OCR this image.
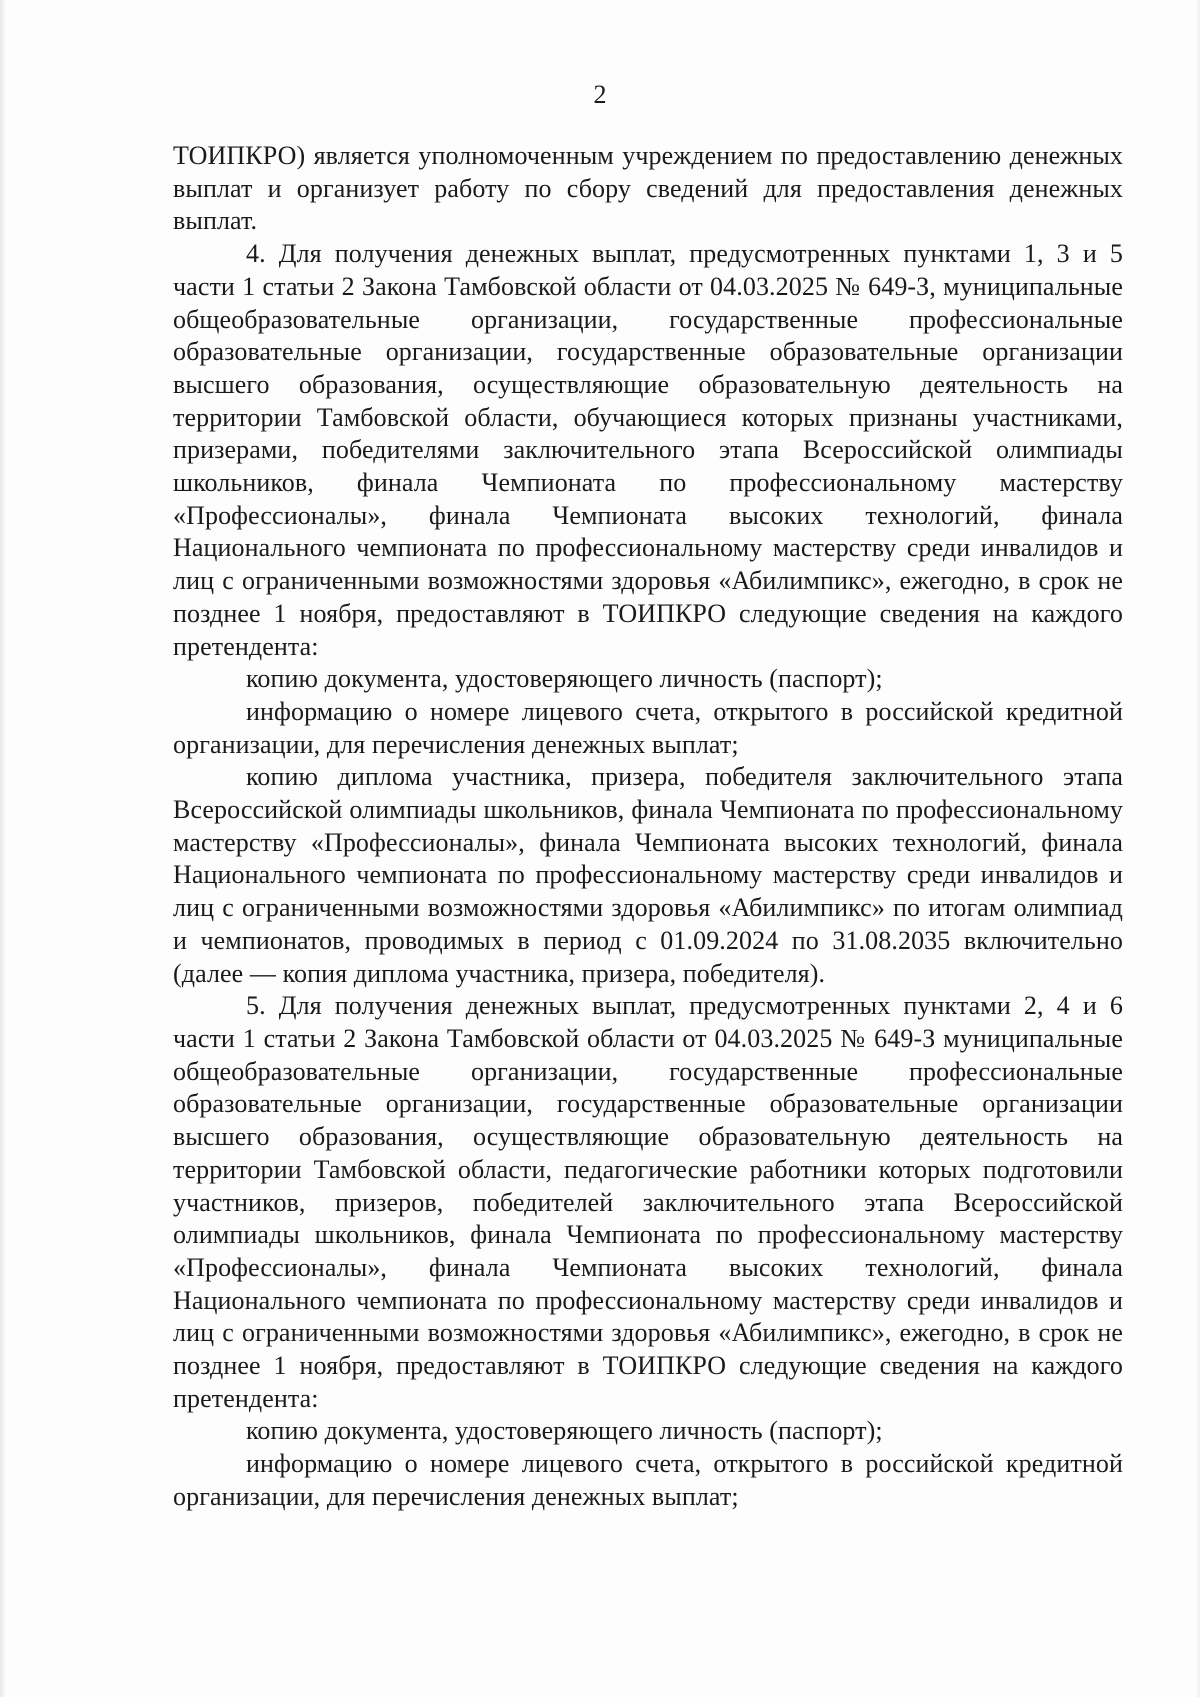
2

ТОИПКРО) является уполномоченным учреждением по предоставлению денежных выплат и организует работу по сбору сведений для предоставления денежных выплат.

4. Для получения денежных выплат, предусмотренных пунктами 1, 3 и 5 части 1 статьи 2 Закона Тамбовской области от 04.03.2025 № 649-З, муниципальные общеобразовательные организации, государственные профессиональные образовательные организации, государственные образовательные организации высшего образования, осуществляющие образовательную деятельность на территории Тамбовской области, обучающиеся которых признаны участниками, призерами, победителями заключительного этапа Всероссийской олимпиады школьников, финала Чемпионата по профессиональному мастерству «Профессионалы», финала Чемпионата высоких технологий, финала Национального чемпионата по профессиональному мастерству среди инвалидов и лиц с ограниченными возможностями здоровья «Абилимпикс», ежегодно, в срок не позднее 1 ноября, предоставляют в ТОИПКРО следующие сведения на каждого претендента:

копию документа, удостоверяющего личность (паспорт);

информацию о номере лицевого счета, открытого в российской кредитной организации, для перечисления денежных выплат;

копию диплома участника, призера, победителя заключительного этапа Всероссийской олимпиады школьников, финала Чемпионата по профессиональному мастерству «Профессионалы», финала Чемпионата высоких технологий, финала Национального чемпионата по профессиональному мастерству среди инвалидов и лиц с ограниченными возможностями здоровья «Абилимпикс» по итогам олимпиад и чемпионатов, проводимых в период с 01.09.2024 по 31.08.2035 включительно (далее — копия диплома участника, призера, победителя).

5. Для получения денежных выплат, предусмотренных пунктами 2, 4 и 6 части 1 статьи 2 Закона Тамбовской области от 04.03.2025 № 649-З муниципальные общеобразовательные организации, государственные профессиональные образовательные организации, государственные образовательные организации высшего образования, осуществляющие образовательную деятельность на территории Тамбовской области, педагогические работники которых подготовили участников, призеров, победителей заключительного этапа Всероссийской олимпиады школьников, финала Чемпионата по профессиональному мастерству «Профессионалы», финала Чемпионата высоких технологий, финала Национального чемпионата по профессиональному мастерству среди инвалидов и лиц с ограниченными возможностями здоровья «Абилимпикс», ежегодно, в срок не позднее 1 ноября, предоставляют в ТОИПКРО следующие сведения на каждого претендента:

копию документа, удостоверяющего личность (паспорт);

информацию о номере лицевого счета, открытого в российской кредитной организации, для перечисления денежных выплат;
